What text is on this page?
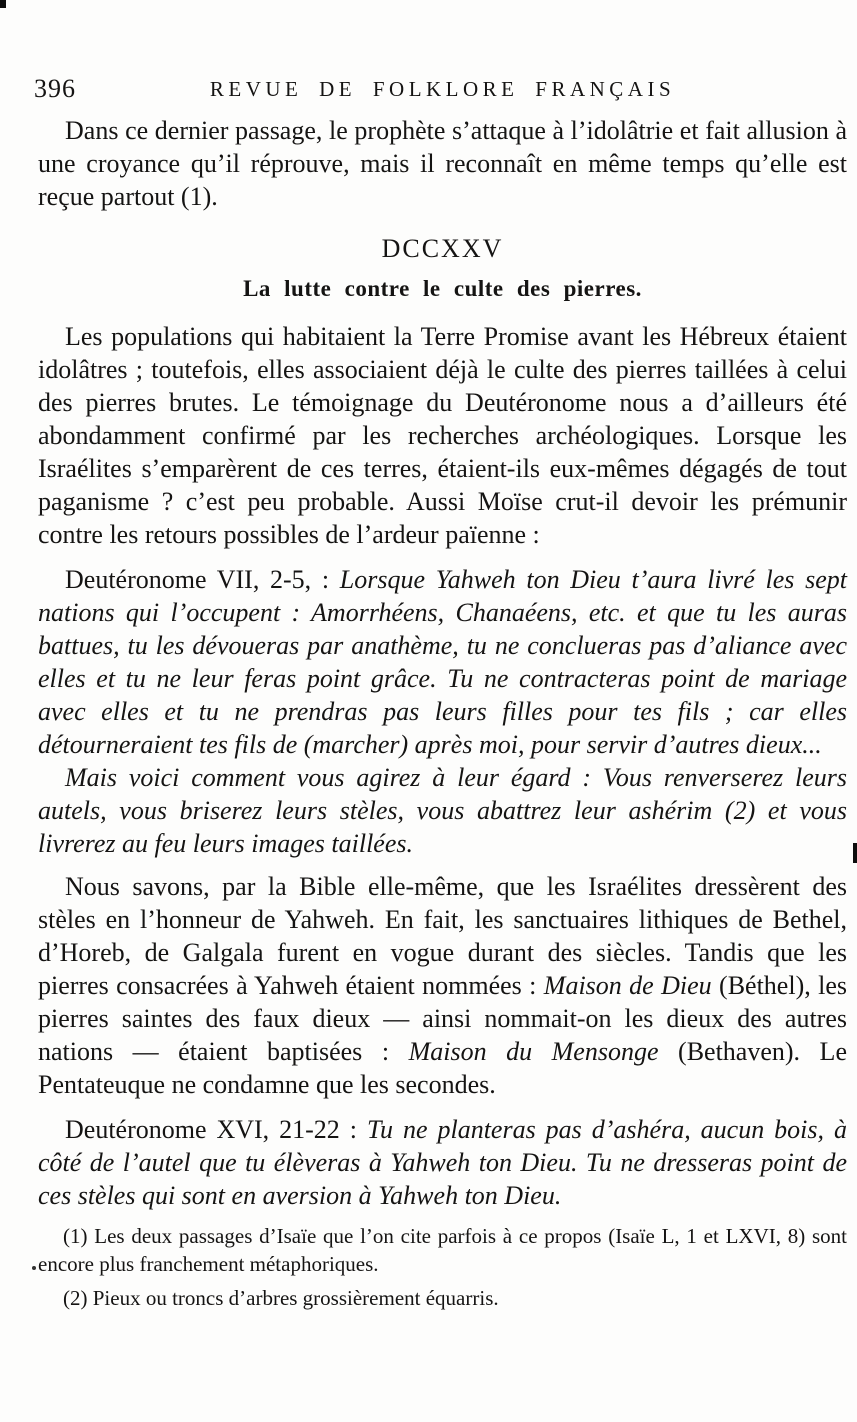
396	REVUE DE FOLKLORE FRANÇAIS

Dans ce dernier passage, le prophète s’attaque à l’idolâtrie et fait allusion à une croyance qu’il réprouve, mais il reconnaît en même temps qu’elle est reçue partout (1).

DCCXXV

La lutte contre le culte des pierres.

Les populations qui habitaient la Terre Promise avant les Hébreux étaient idolâtres ; toutefois, elles associaient déjà le culte des pierres taillées à celui des pierres brutes. Le témoignage du Deutéronome nous a d’ailleurs été abondamment confirmé par les recherches archéologiques. Lorsque les Israélites s’emparèrent de ces terres, étaient-ils eux-mêmes dégagés de tout paganisme ? c’est peu probable. Aussi Moïse crut-il devoir les prémunir contre les retours possibles de l’ardeur païenne :

Deutéronome VII, 2-5, : Lorsque Yahweh ton Dieu t’aura livré les sept nations qui l’occupent : Amorrhéens, Chanaéens, etc. et que tu les auras battues, tu les dévoueras par anathème, tu ne conclueras pas d’aliance avec elles et tu ne leur feras point grâce. Tu ne contracteras point de mariage avec elles et tu ne prendras pas leurs filles pour tes fils ; car elles détourneraient tes fils de (marcher) après moi, pour servir d’autres dieux...

Mais voici comment vous agirez à leur égard : Vous renverserez leurs autels, vous briserez leurs stèles, vous abattrez leur ashérim (2) et vous livrerez au feu leurs images taillées.

Nous savons, par la Bible elle-même, que les Israélites dressèrent des stèles en l’honneur de Yahweh. En fait, les sanctuaires lithiques de Bethel, d’Horeb, de Galgala furent en vogue durant des siècles. Tandis que les pierres consacrées à Yahweh étaient nommées : Maison de Dieu (Béthel), les pierres saintes des faux dieux — ainsi nommait-on les dieux des autres nations — étaient baptisées : Maison du Mensonge (Bethaven). Le Pentateuque ne condamne que les secondes.

Deutéronome XVI, 21-22 : Tu ne planteras pas d’ashéra, aucun bois, à côté de l’autel que tu élèveras à Yahweh ton Dieu. Tu ne dresseras point de ces stèles qui sont en aversion à Yahweh ton Dieu.

(1) Les deux passages d’Isaïe que l’on cite parfois à ce propos (Isaïe L, 1 et LXVI, 8) sont encore plus franchement métaphoriques.

(2) Pieux ou troncs d’arbres grossièrement équarris.
